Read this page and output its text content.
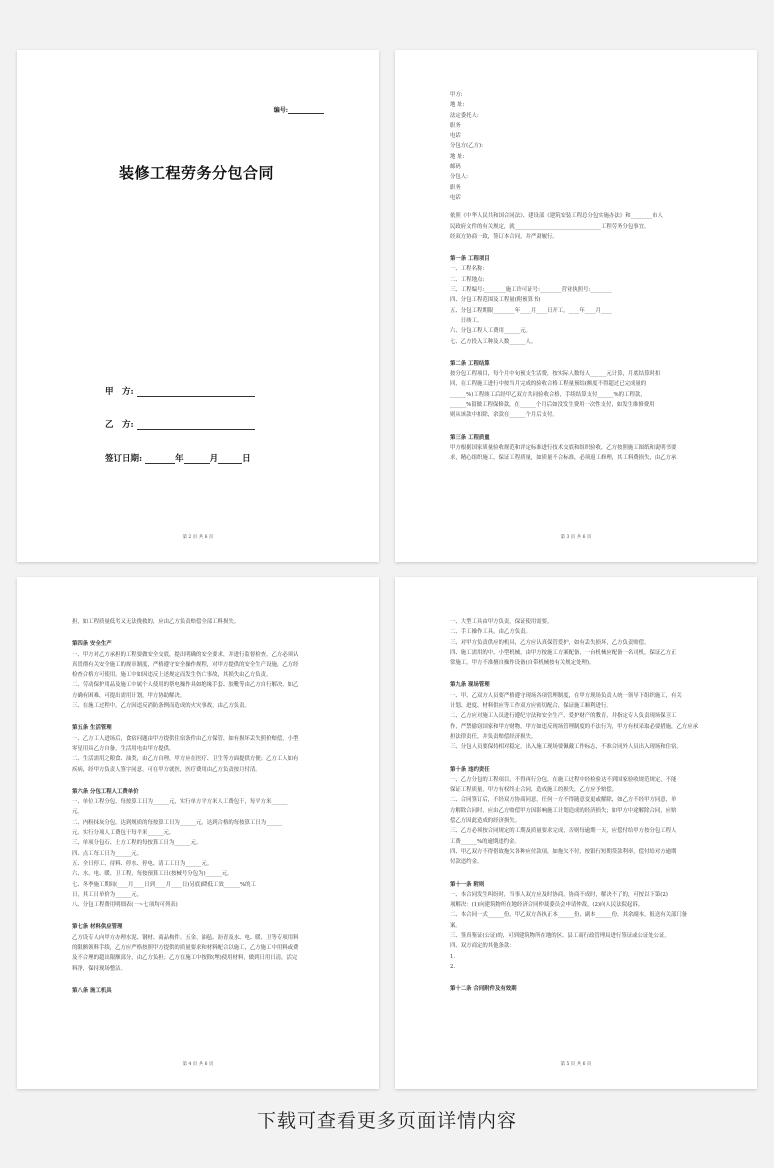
编号:
装修工程劳务分包合同
甲　方:
乙　方:
签订日期:	年	月	日
第 2 页 共 6 页
甲方:
地 址:
法定委托人:
职务
电话
分包方(乙方):
地 址:
邮码
分包人:
职务
电话
依照《中华人民共和国合同法》、建设部《建筑安装工程总分包实施办法》和________市人
民政府文件的有关规定，就________________________________工程劳务分包事宜，
经双方协商一致，签订本合同，并严肃履行。
第一条 工程项目
一、工程名称:
二、工程地点:
三、工程编号:________施工许可证号:________营业执照号:________
四、分包工程范围及工程量(附预算书)
五、分包工程期限________年____月____日开工，____年____月____
　　日竣工。
六、分包工程人工费用______元。
七、乙方投入工种及人数______人。
第二条 工程结算
按分包工程项目，每个月中旬预支生活费，按实际人数每人______元计算，月底结算时扣
回，在工程施工进行中按当月完成的验收合格工程量预结(额度不得超过已完成量的
______%)工程竣工后经甲乙双方共同验收合格，手续结算支付______%的工程款，
______%留做工程保修款，在______个月后如没发生费用一次性支付，如发生维修费用
则从该款中扣除，余款在______个月后支付。
第三条 工程质量
甲方根据国家质量验收规范和评定标准进行技术交底和组织验收，乙方按照施工图纸和说明书要
求，精心组织施工，保证工程质量，如质量不合标准，必须返工修理，其工料费损失，由乙方承
第 3 页 共 6 页
担，如工程质量低劣又无法挽救的，应由乙方负责赔偿全部工料损失。
第四条 安全生产
一、甲方对乙方承担的工程要做安全交底，提出明确的安全要求，并进行监督检查，乙方必须认
真贯彻有关安全施工的规章制度，严格遵守安全操作规程，对甲方提供的安全生产设施，乙方经
检查合格方可使用，施工中如因违反上述规定而发生伤亡事故，其损失由乙方负责。
二、劳动保护用品及施工中属个人使用的帮电操作具如绝缘手套、胶靴等由乙方自行解决，如乙
方确有困难，可提出需用计划，甲方协助解决。
三、在施工过程中，乙方因违反消防条例而造成的火灾事故，由乙方负责。
第五条 生活管理
一、乙方工人进场后，食宿问题由甲方提供住宿条件由乙方保管，如有损坏丢失照价赔偿，小型
零星用具乙方自备，生活用电由甲方提供。
二、生活需用之粮食、油类，由乙方自理，甲方应在医疗、卫生等方面提供方便；乙方工人如有
疾病，经甲方负责人签字同意，可在甲方就医，医疗费用由乙方负责按月付清。
第六条 分包工程人工费单价
一、单位工程分包，每按算工日为______元，实行单方平方米人工费包干，每平方米______
元。
二、内粉抹灰分包，达到规质的每按算工日为______元，达到合格的每按算工日为______
元，实行分项人工费包干每平米______元。
三、单项分包石、土方工程的每按算工日为______元。
四、点工每工日为______元。
五、全日停工、待料、停水、停电、清工工日为______元。
六、水、电、暖、卫工程，每按预算工日(按械号分包为)______元。
七、冬季施工期间(____月____日到____月____日)另底)降低工效______%的工
日，其工日单价为______元。
八、分包工程费用明细表(一~七项均可列表)
第七条 材料供应管理
乙方设专人向甲方办理水泥、钢材、商品构件、五金、油毡、沥青及水、电、暖、卫等专项用料
的限额领料手续，乙方应严格按照甲方提供的质量要求和材料配合以施工，乙方施工中用料或费
及不合理的超出限额部分，由乙方负担；乙方在施工中按除(埋)使用材料，做到日用日清，活完
料净，保持现场整洁。
第八条 施工机具
第 4 页 共 6 页
一、大型工具由甲方负责，保证使用需要。
二、手工操作工具，由乙方负责。
三、对甲方负责供应的机具，乙方应认真保管爱护，如有丢失损坏，乙方负责赔偿。
四、施工需用的中、小型机械，由甲方按施工方案配备，一台机械应配备一名司机，保证乙方正
常施工，甲方不准擅自操作设备(自带机械按有关规定处理)。
第九条 现场管理
一、甲、乙双方人员要严格遵守现场各项管理制度，在甲方现场负责人统一领导下组织施工，有关
计划、进度、材料供应等工作双方应密切配合，保证施工顺利进行。
二、乙方应对施工人员进行遵纪守法和安全生产、爱护财产的教育，并指定专人负责现场保卫工
作，严禁偷窃国家和甲方财物，甲方如违反现场管理制度的不法行为，甲方有权采取必要措施，乙方应承
担法律责任，并负责赔偿经济损失。
三、分包人员要保持相对稳定，出入施工现场要佩戴工作标志，不准合同外人员出入现场和住宿。
第十条 违约责任
一、乙方分包的工程项目，不得再行分包，在施工过程中经检验达不到国家验收规范规定，不能
保证工程质量，甲方有权终止合同，造成施工的损失，乙方应予赔偿。
二、合同签订后，不经双方协商同意，任何一方不得随意变更或解除，如乙方不经甲方同意，单
方解除合同时，应由乙方赔偿甲方因影响施工计划造成的经济损失；如甲方中途解除合同，应赔
偿乙方因此造成的经济损失。
三、乙方必须按合同规定的工期及质量要求完成，否则每逾期一天，应偿付给甲方按分包工程人
工费______%的逾期违约金。
四、甲乙双方不得借故拖欠各种应付款项，如拖欠不付，按银行短期贷款利率，偿付给对方逾期
付款违约金。
第十一条 附则
一、本合同发生纠纷时，当事人双方应及时协商，协商不成时，解决不了的，可按以下第(2)
项解决：(1)向建筑物所在地经济合同仲裁委员会申请仲裁。(2)向人民法院起诉。
二、本合同一式______份，甲乙双方各执正本______份，副本______份，其余副本，报送有关部门备
案。
三、签真鉴证(公证)的，可到建筑物所在地的区、县工商行政管理局进行签证或公证处公证。
四、双方商定的其他条款：
1.
2.
第十二条 合同附件及有效期
第 5 页 共 6 页
下载可查看更多页面详情内容
